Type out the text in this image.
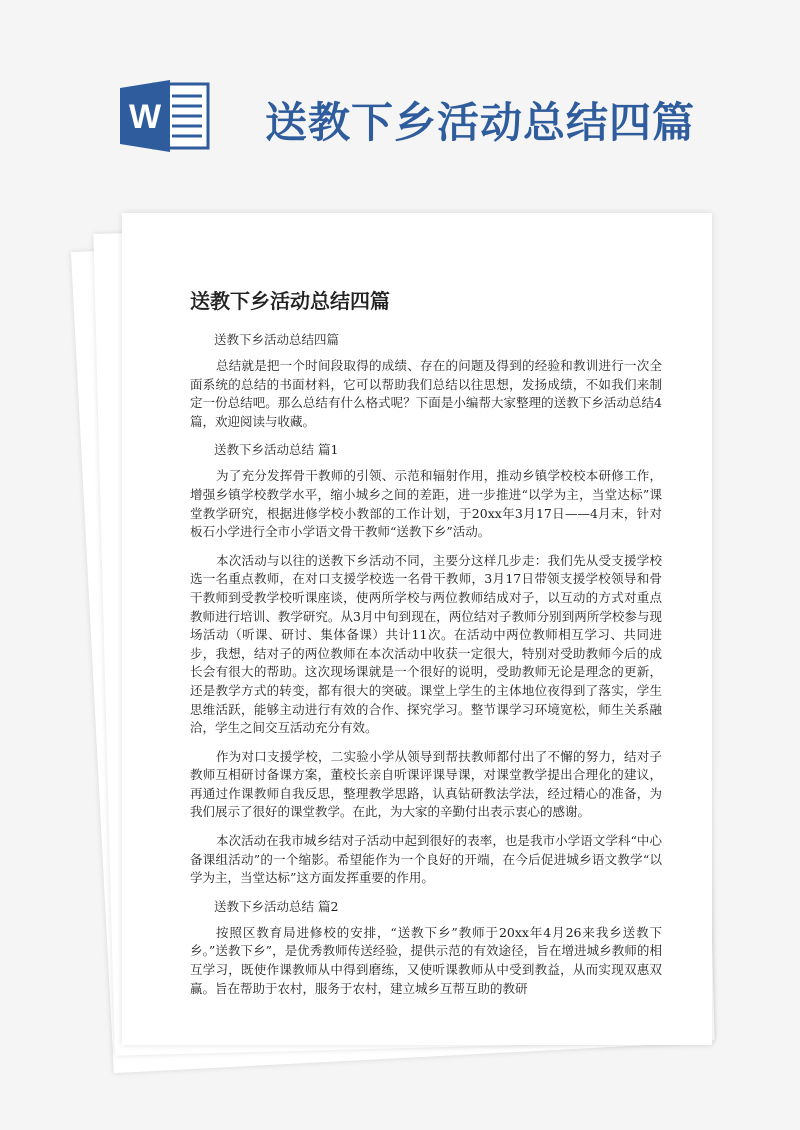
W 送教下乡活动总结四篇
送教下乡活动总结四篇

送教下乡活动总结四篇

总结就是把一个时间段取得的成绩、存在的问题及得到的经验和教训进行一次全面系统的总结的书面材料，它可以帮助我们总结以往思想，发扬成绩，不如我们来制定一份总结吧。那么总结有什么格式呢？下面是小编帮大家整理的送教下乡活动总结4篇，欢迎阅读与收藏。

送教下乡活动总结 篇1

为了充分发挥骨干教师的引领、示范和辐射作用，推动乡镇学校校本研修工作，增强乡镇学校教学水平，缩小城乡之间的差距，进一步推进“以学为主，当堂达标”课堂教学研究，根据进修学校小教部的工作计划，于20xx年3月17日——4月末，针对板石小学进行全市小学语文骨干教师“送教下乡”活动。

本次活动与以往的送教下乡活动不同，主要分这样几步走：我们先从受支援学校选一名重点教师，在对口支援学校选一名骨干教师，3月17日带领支援学校领导和骨干教师到受教学校听课座谈，使两所学校与两位教师结成对子，以互动的方式对重点教师进行培训、教学研究。从3月中旬到现在，两位结对子教师分别到两所学校参与现场活动（听课、研讨、集体备课）共计11次。在活动中两位教师相互学习、共同进步，我想，结对子的两位教师在本次活动中收获一定很大，特别对受助教师今后的成长会有很大的帮助。这次现场课就是一个很好的说明，受助教师无论是理念的更新，还是教学方式的转变，都有很大的突破。课堂上学生的主体地位夜得到了落实，学生思维活跃，能够主动进行有效的合作、探究学习。整节课学习环境宽松，师生关系融洽，学生之间交互活动充分有效。

作为对口支援学校，二实验小学从领导到帮扶教师都付出了不懈的努力，结对子教师互相研讨备课方案，董校长亲自听课评课导课，对课堂教学提出合理化的建议，再通过作课教师自我反思，整理教学思路，认真钻研教法学法，经过精心的准备，为我们展示了很好的课堂教学。在此，为大家的辛勤付出表示衷心的感谢。

本次活动在我市城乡结对子活动中起到很好的表率，也是我市小学语文学科“中心备课组活动”的一个缩影。希望能作为一个良好的开端，在今后促进城乡语文教学“以学为主，当堂达标”这方面发挥重要的作用。

送教下乡活动总结 篇2

按照区教育局进修校的安排，“送教下乡”教师于20xx年4月26来我乡送教下乡。”送教下乡”，是优秀教师传送经验，提供示范的有效途径，旨在增进城乡教师的相互学习，既使作课教师从中得到磨练，又使听课教师从中受到教益，从而实现双惠双赢。旨在帮助于农村，服务于农村，建立城乡互帮互助的教研
